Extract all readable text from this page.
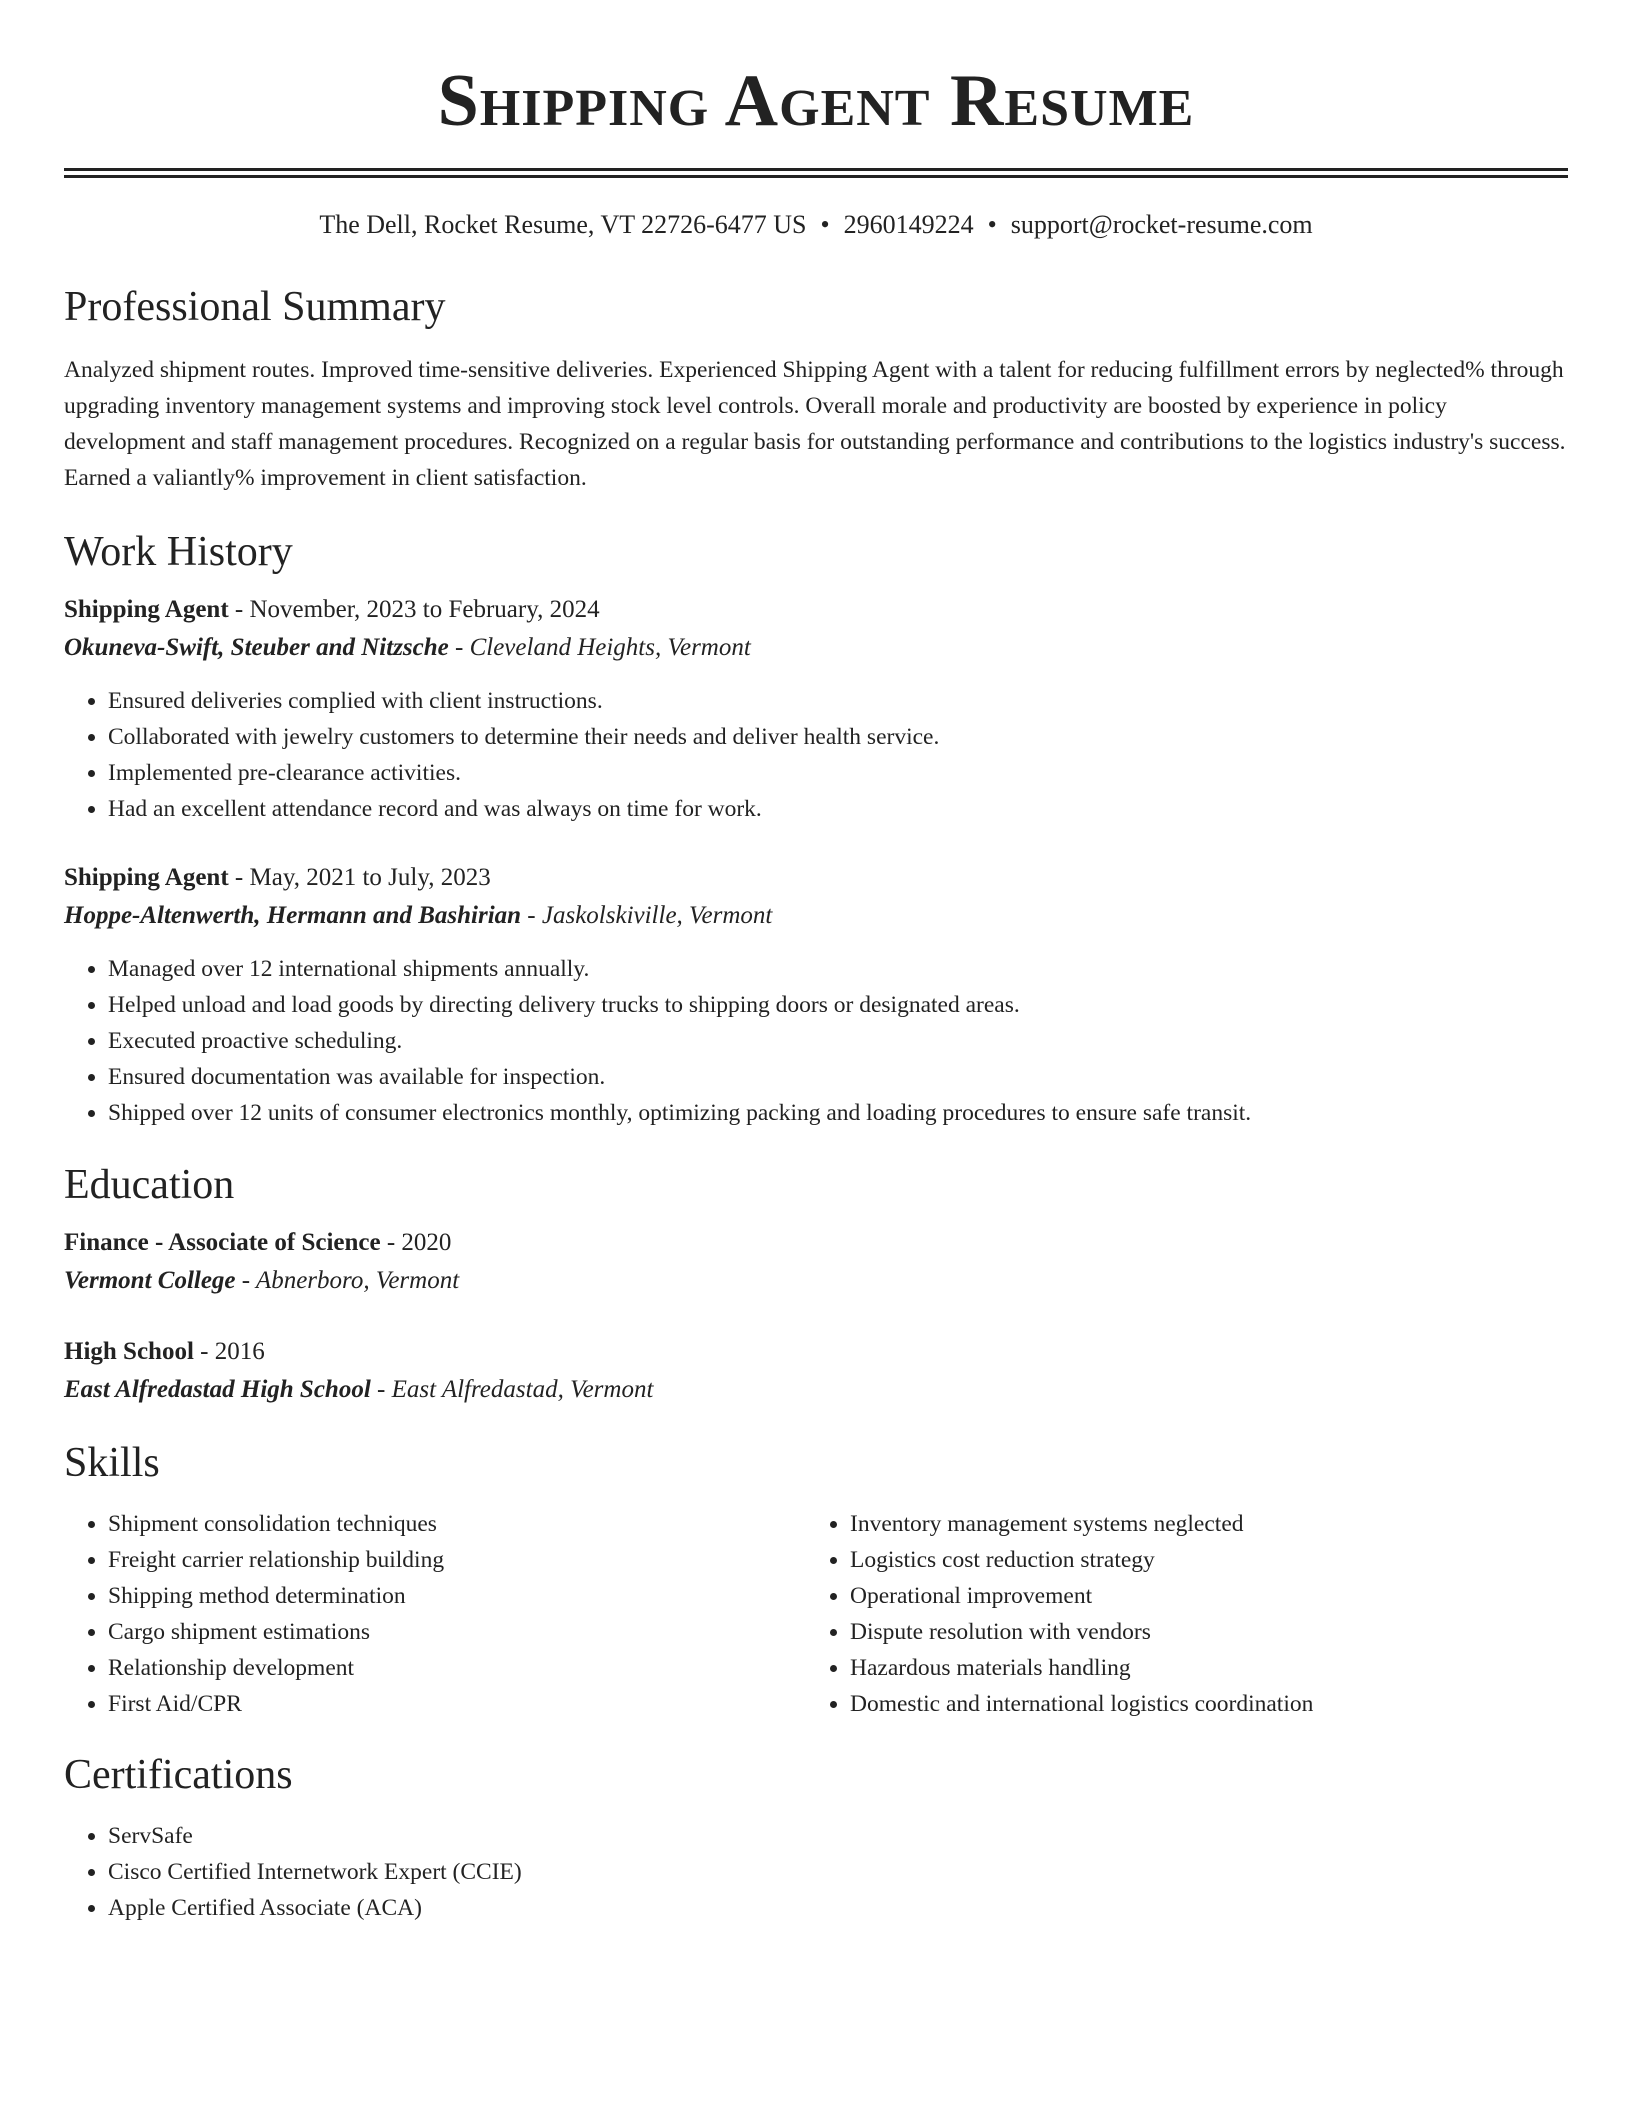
Shipping Agent Resume
The Dell, Rocket Resume, VT 22726-6477 US • 2960149224 • support@rocket-resume.com
Professional Summary

Analyzed shipment routes. Improved time-sensitive deliveries. Experienced Shipping Agent with a talent for reducing fulfillment errors by neglected% through upgrading inventory management systems and improving stock level controls. Overall morale and productivity are boosted by experience in policy development and staff management procedures. Recognized on a regular basis for outstanding performance and contributions to the logistics industry's success. Earned a valiantly% improvement in client satisfaction.

Work History
Shipping Agent - November, 2023 to February, 2024
Okuneva-Swift, Steuber and Nitzsche - Cleveland Heights, Vermont
• Ensured deliveries complied with client instructions.
• Collaborated with jewelry customers to determine their needs and deliver health service.
• Implemented pre-clearance activities.
• Had an excellent attendance record and was always on time for work.
Shipping Agent - May, 2021 to July, 2023
Hoppe-Altenwerth, Hermann and Bashirian - Jaskolskiville, Vermont
• Managed over 12 international shipments annually.
• Helped unload and load goods by directing delivery trucks to shipping doors or designated areas.
• Executed proactive scheduling.
• Ensured documentation was available for inspection.
• Shipped over 12 units of consumer electronics monthly, optimizing packing and loading procedures to ensure safe transit.
Education
Finance - Associate of Science - 2020
Vermont College - Abnerboro, Vermont
High School - 2016
East Alfredastad High School - East Alfredastad, Vermont
Skills
• Shipment consolidation techniques
• Freight carrier relationship building
• Shipping method determination
• Cargo shipment estimations
• Relationship development
• First Aid/CPR
• Inventory management systems neglected
• Logistics cost reduction strategy
• Operational improvement
• Dispute resolution with vendors
• Hazardous materials handling
• Domestic and international logistics coordination
Certifications
• ServSafe
• Cisco Certified Internetwork Expert (CCIE)
• Apple Certified Associate (ACA)
